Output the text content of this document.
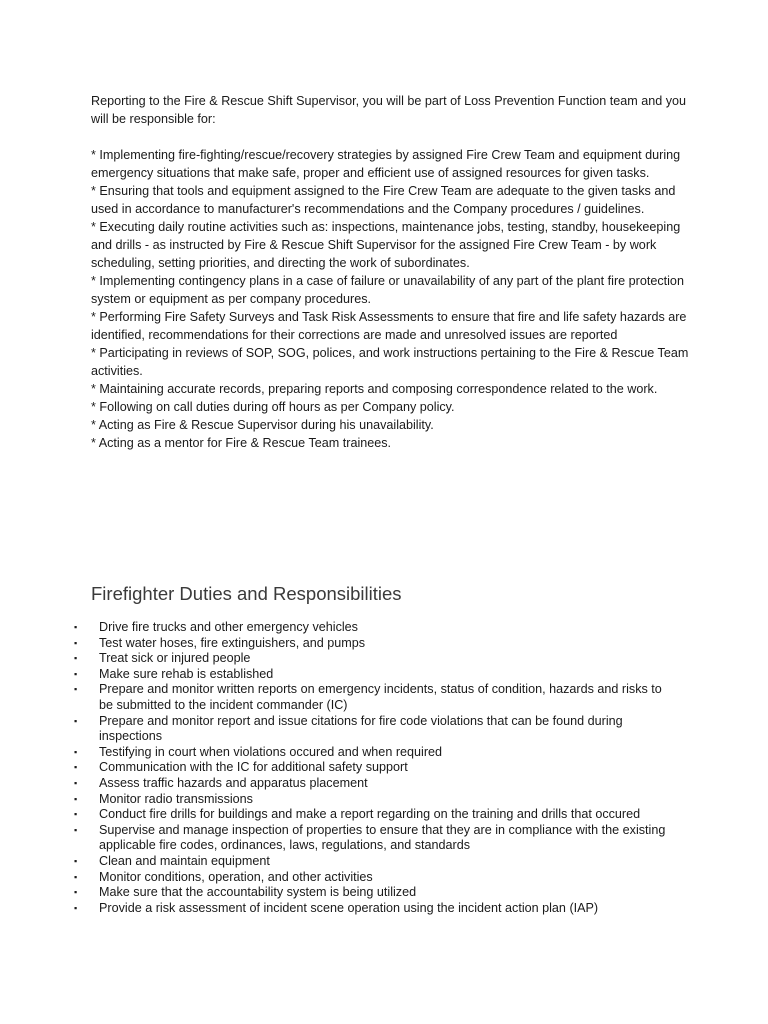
Reporting to the Fire & Rescue Shift Supervisor, you will be part of Loss Prevention Function team and you will be responsible for:

* Implementing fire-fighting/rescue/recovery strategies by assigned Fire Crew Team and equipment during emergency situations that make safe, proper and efficient use of assigned resources for given tasks.

* Ensuring that tools and equipment assigned to the Fire Crew Team are adequate to the given tasks and used in accordance to manufacturer's recommendations and the Company procedures / guidelines.

* Executing daily routine activities such as: inspections, maintenance jobs, testing, standby, housekeeping and drills - as instructed by Fire & Rescue Shift Supervisor for the assigned Fire Crew Team - by work scheduling, setting priorities, and directing the work of subordinates.

* Implementing contingency plans in a case of failure or unavailability of any part of the plant fire protection system or equipment as per company procedures.

* Performing Fire Safety Surveys and Task Risk Assessments to ensure that fire and life safety hazards are identified, recommendations for their corrections are made and unresolved issues are reported

* Participating in reviews of SOP, SOG, polices, and work instructions pertaining to the Fire & Rescue Team activities.

* Maintaining accurate records, preparing reports and composing correspondence related to the work.

* Following on call duties during off hours as per Company policy.

* Acting as Fire & Rescue Supervisor during his unavailability.

* Acting as a mentor for Fire & Rescue Team trainees.

Firefighter Duties and Responsibilities
▪ Drive fire trucks and other emergency vehicles
▪ Test water hoses, fire extinguishers, and pumps
▪ Treat sick or injured people
▪ Make sure rehab is established
▪ Prepare and monitor written reports on emergency incidents, status of condition, hazards and risks to be submitted to the incident commander (IC)
▪ Prepare and monitor report and issue citations for fire code violations that can be found during inspections
▪ Testifying in court when violations occured and when required
▪ Communication with the IC for additional safety support
▪ Assess traffic hazards and apparatus placement
▪ Monitor radio transmissions
▪ Conduct fire drills for buildings and make a report regarding on the training and drills that occured
▪ Supervise and manage inspection of properties to ensure that they are in compliance with the existing applicable fire codes, ordinances, laws, regulations, and standards
▪ Clean and maintain equipment
▪ Monitor conditions, operation, and other activities
▪ Make sure that the accountability system is being utilized
▪ Provide a risk assessment of incident scene operation using the incident action plan (IAP)
